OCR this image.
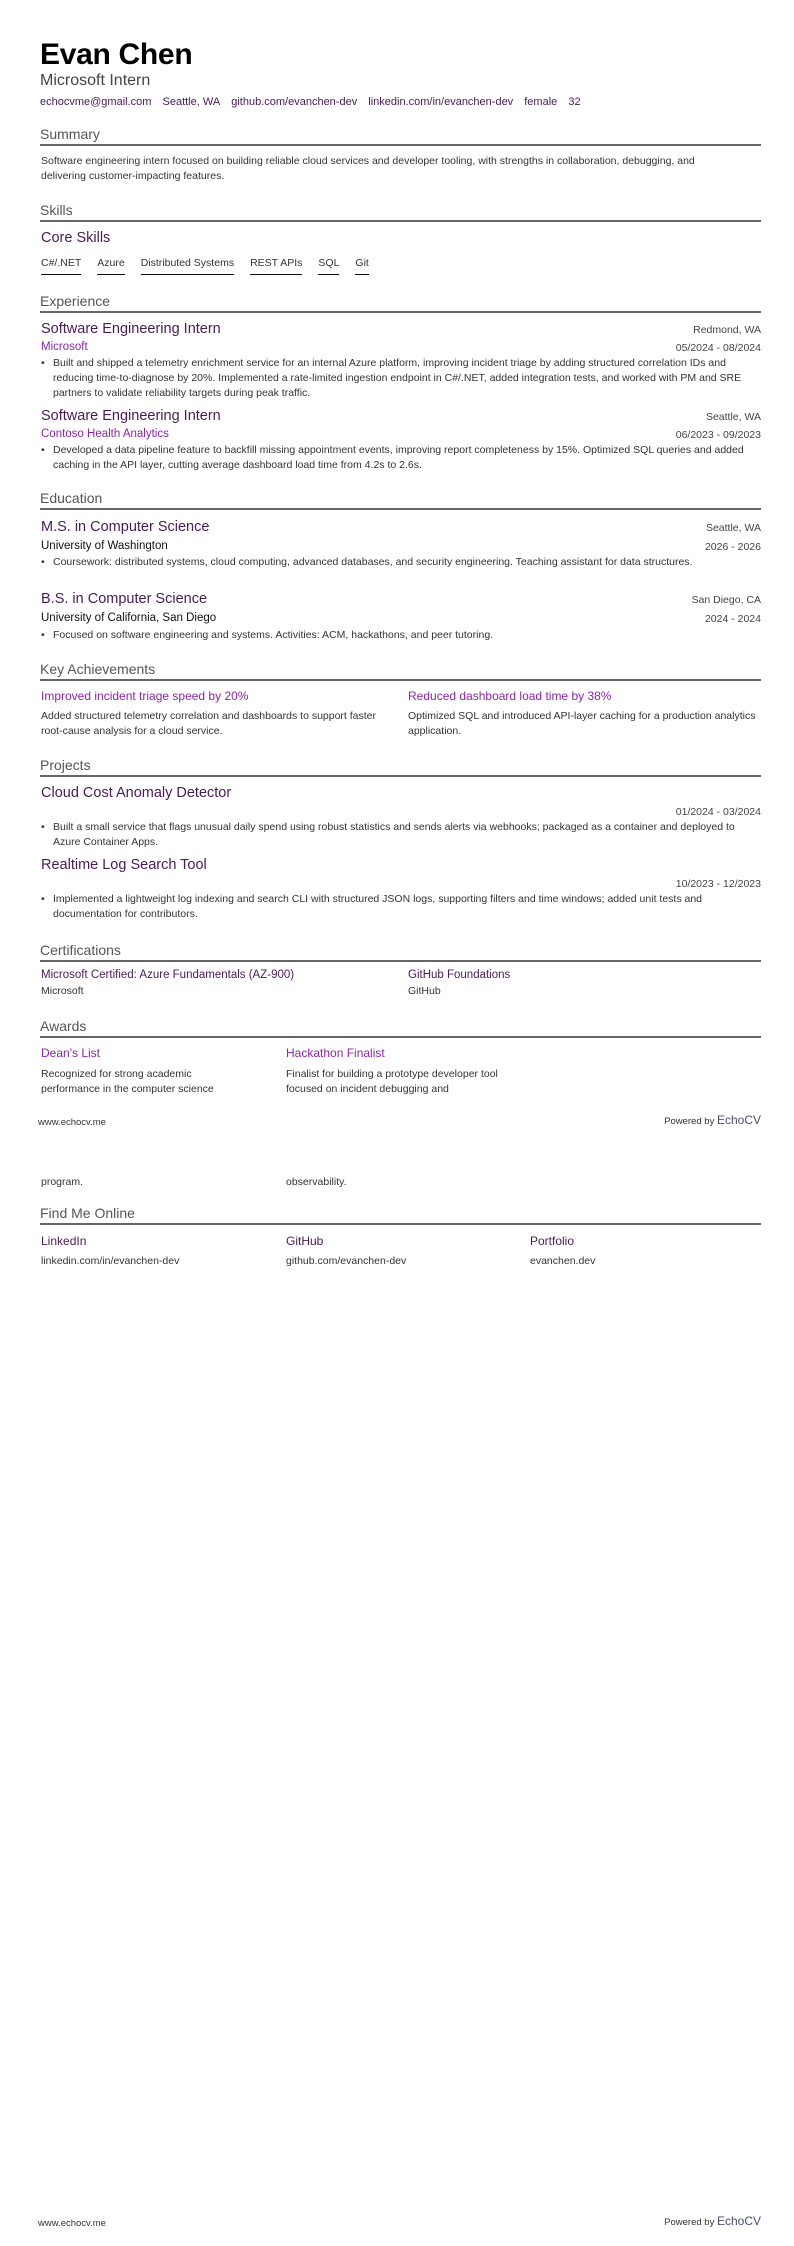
Evan Chen
Microsoft Intern
echocvme@gmail.com Seattle, WA github.com/evanchen-dev linkedin.com/in/evanchen-dev female 32
Summary
Software engineering intern focused on building reliable cloud services and developer tooling, with strengths in collaboration, debugging, and delivering customer-impacting features.
Skills
Core Skills
C#/.NET Azure Distributed Systems REST APIs SQL Git
Experience
Software Engineering Intern	Redmond, WA
Microsoft	05/2024 - 08/2024
• Built and shipped a telemetry enrichment service for an internal Azure platform, improving incident triage by adding structured correlation IDs and reducing time-to-diagnose by 20%. Implemented a rate-limited ingestion endpoint in C#/.NET, added integration tests, and worked with PM and SRE partners to validate reliability targets during peak traffic.
Software Engineering Intern	Seattle, WA
Contoso Health Analytics	06/2023 - 09/2023
• Developed a data pipeline feature to backfill missing appointment events, improving report completeness by 15%. Optimized SQL queries and added caching in the API layer, cutting average dashboard load time from 4.2s to 2.6s.
Education
M.S. in Computer Science	Seattle, WA
University of Washington	2026 - 2026
• Coursework: distributed systems, cloud computing, advanced databases, and security engineering. Teaching assistant for data structures.
B.S. in Computer Science	San Diego, CA
University of California, San Diego	2024 - 2024
• Focused on software engineering and systems. Activities: ACM, hackathons, and peer tutoring.
Key Achievements
Improved incident triage speed by 20%
Added structured telemetry correlation and dashboards to support faster root-cause analysis for a cloud service.
Reduced dashboard load time by 38%
Optimized SQL and introduced API-layer caching for a production analytics application.
Projects
Cloud Cost Anomaly Detector
01/2024 - 03/2024
• Built a small service that flags unusual daily spend using robust statistics and sends alerts via webhooks; packaged as a container and deployed to Azure Container Apps.
Realtime Log Search Tool
10/2023 - 12/2023
• Implemented a lightweight log indexing and search CLI with structured JSON logs, supporting filters and time windows; added unit tests and documentation for contributors.
Certifications
Microsoft Certified: Azure Fundamentals (AZ-900)
Microsoft
GitHub Foundations
GitHub
Awards
Dean's List
Recognized for strong academic performance in the computer science
program.
Hackathon Finalist
Finalist for building a prototype developer tool focused on incident debugging and
observability.
www.echocv.me	Powered by EchoCV
Find Me Online
LinkedIn
linkedin.com/in/evanchen-dev
GitHub
github.com/evanchen-dev
Portfolio
evanchen.dev
www.echocv.me	Powered by EchoCV
